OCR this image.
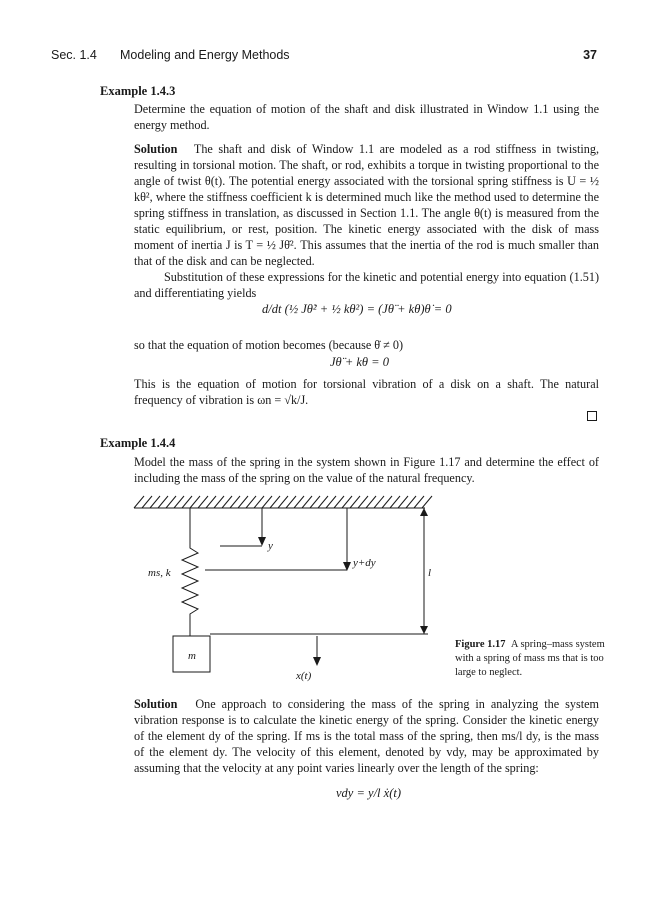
Sec. 1.4 Modeling and Energy Methods	37
Example 1.4.3

Determine the equation of motion of the shaft and disk illustrated in Window 1.1 using the energy method.

Solution The shaft and disk of Window 1.1 are modeled as a rod stiffness in twisting, resulting in torsional motion. The shaft, or rod, exhibits a torque in twisting proportional to the angle of twist θ(t). The potential energy associated with the torsional spring stiffness is U = ½ kθ², where the stiffness coefficient k is determined much like the method used to determine the spring stiffness in translation, as discussed in Section 1.1. The angle θ(t) is measured from the static equilibrium, or rest, position. The kinetic energy associated with the disk of mass moment of inertia J is T = ½ Jθ̇². This assumes that the inertia of the rod is much smaller than that of the disk and can be neglected.

Substitution of these expressions for the kinetic and potential energy into equation (1.51) and differentiating yields

d/dt (½ Jθ̇² + ½ kθ²) = (Jθ̈ + kθ)θ̇ = 0

so that the equation of motion becomes (because θ̇ ≠ 0)

Jθ̈ + kθ = 0

This is the equation of motion for torsional vibration of a disk on a shaft. The natural frequency of vibration is ωn = √k/J.

Example 1.4.4

Model the mass of the spring in the system shown in Figure 1.17 and determine the effect of including the mass of the spring on the value of the natural frequency.

y
y+dy
ms, k	l
m
x(t)
Figure 1.17 A spring–mass system with a spring of mass ms that is too large to neglect.

Solution One approach to considering the mass of the spring in analyzing the system vibration response is to calculate the kinetic energy of the spring. Consider the kinetic energy of the element dy of the spring. If ms is the total mass of the spring, then ms/l dy, is the mass of the element dy. The velocity of this element, denoted by vdy, may be approximated by assuming that the velocity at any point varies linearly over the length of the spring:

vdy = y/l ẋ(t)
